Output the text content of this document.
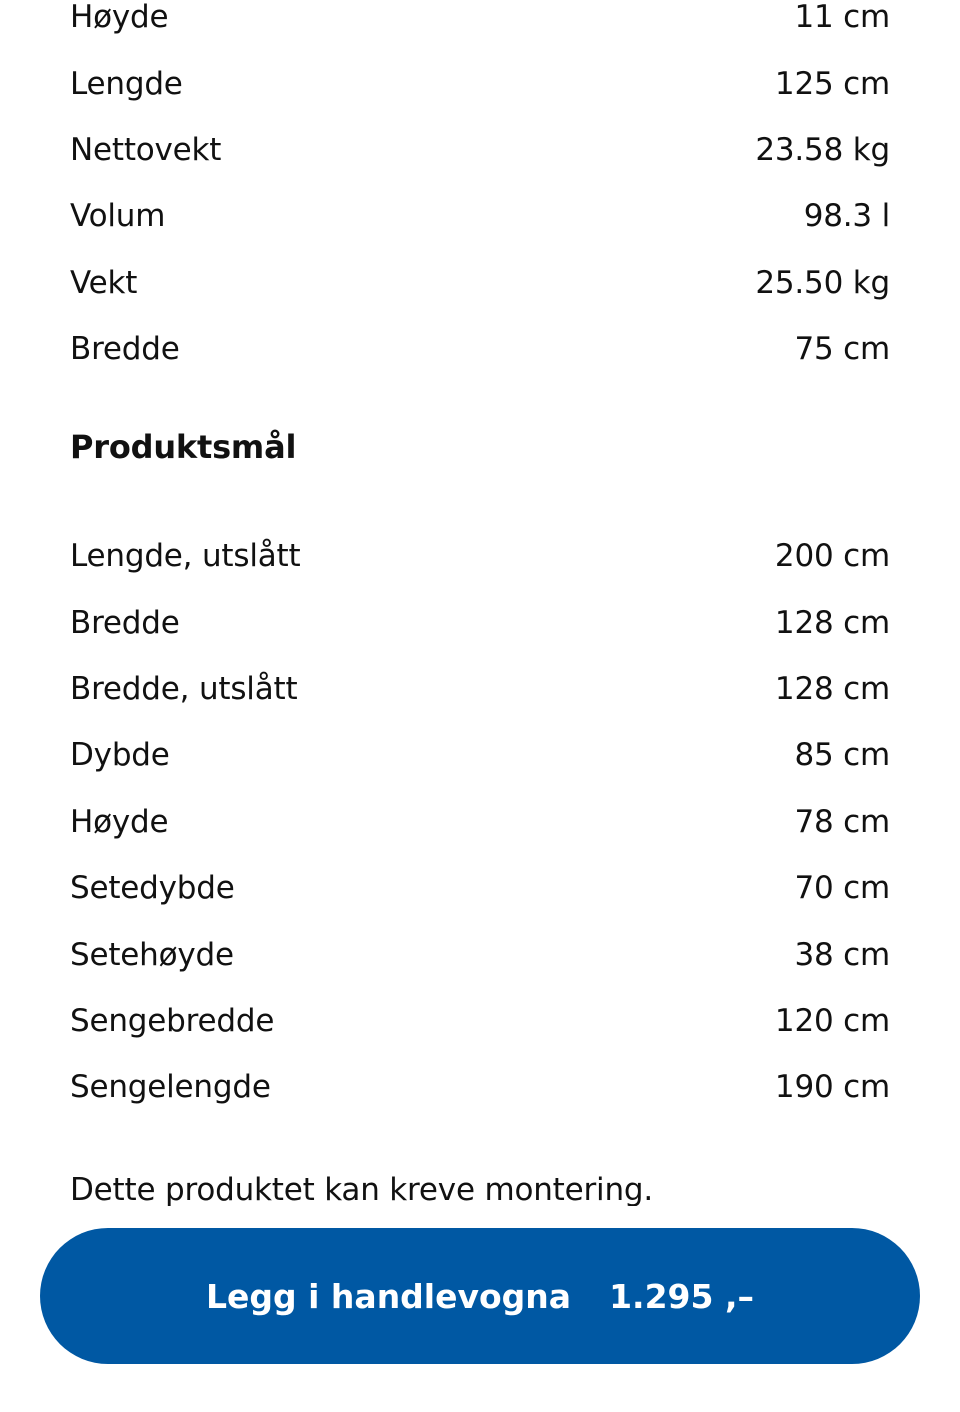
Høyde	11 cm
Lengde	125 cm
Nettovekt	23.58 kg
Volum	98.3 l
Vekt	25.50 kg
Bredde	75 cm
Produktsmål
Lengde, utslått	200 cm
Bredde	128 cm
Bredde, utslått	128 cm
Dybde	85 cm
Høyde	78 cm
Setedybde	70 cm
Setehøyde	38 cm
Sengebredde	120 cm
Sengelengde	190 cm
Dette produktet kan kreve montering.
Legg i handlevogna 1.295 ,–
